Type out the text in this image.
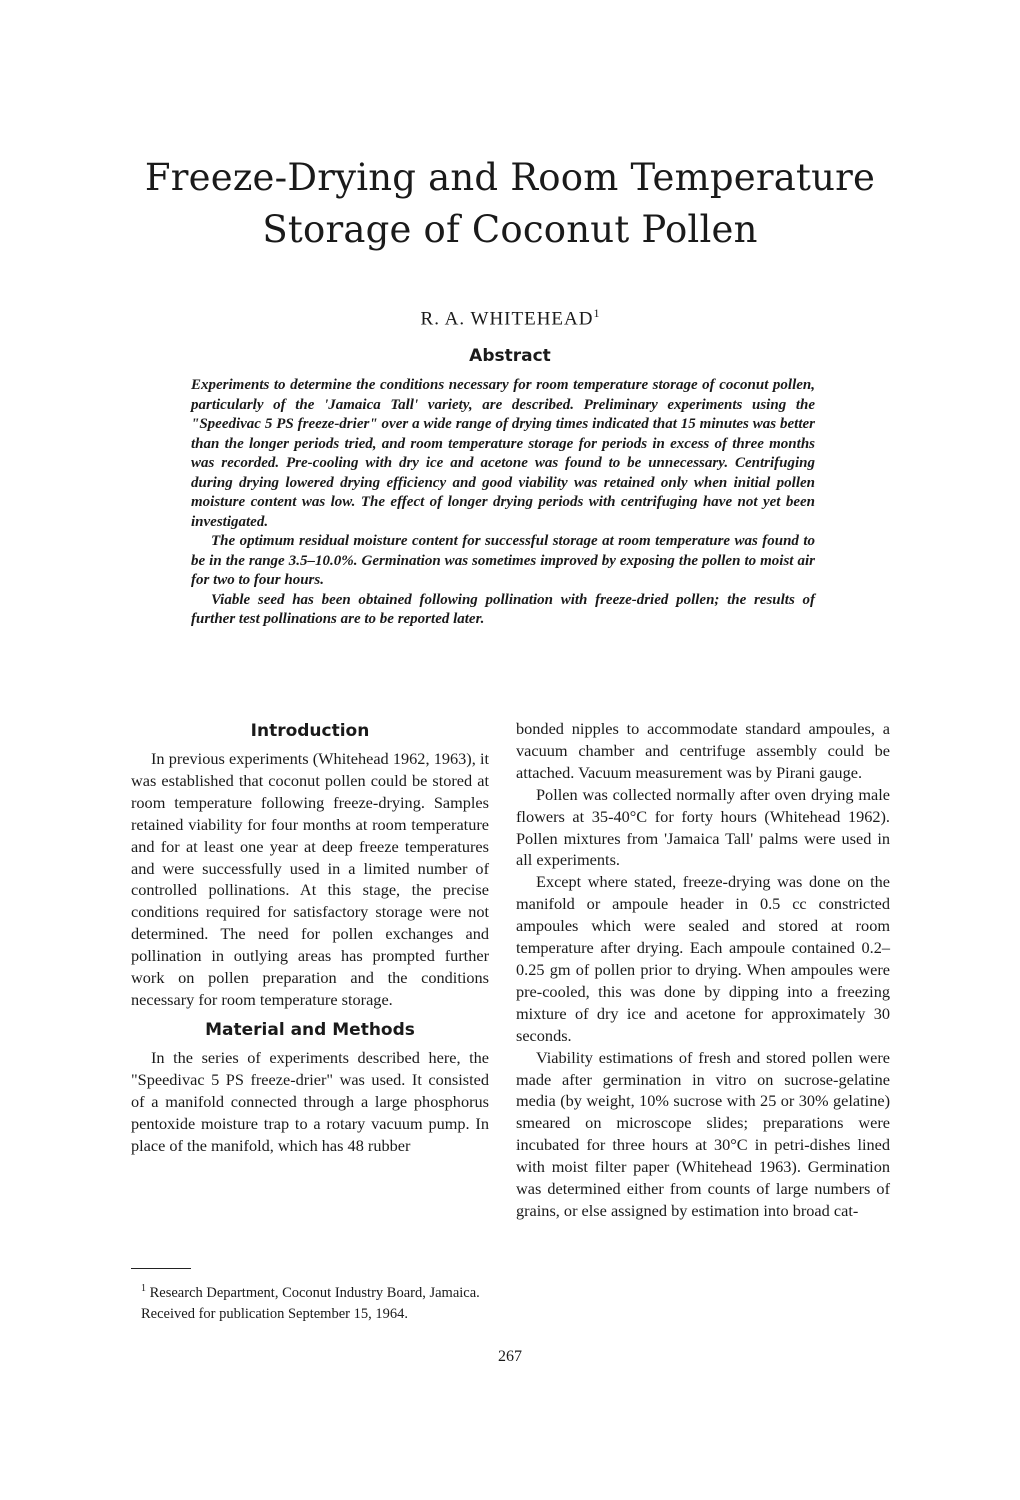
Freeze-Drying and Room Temperature
Storage of Coconut Pollen
R. A. WHITEHEAD$^1$
Abstract

Experiments to determine the conditions necessary for room temperature storage of coconut pollen, particularly of the 'Jamaica Tall' variety, are described. Preliminary experiments using the "Speedivac 5 PS freeze-drier" over a wide range of drying times indicated that 15 minutes was better than the longer periods tried, and room temperature storage for periods in excess of three months was recorded. Pre-cooling with dry ice and acetone was found to be unnecessary. Centrifuging during drying lowered drying efficiency and good viability was retained only when initial pollen moisture content was low. The effect of longer drying periods with centrifuging have not yet been investigated.

The optimum residual moisture content for successful storage at room temperature was found to be in the range 3.5–10.0%. Germination was sometimes improved by exposing the pollen to moist air for two to four hours.

Viable seed has been obtained following pollination with freeze-dried pollen; the results of further test pollinations are to be reported later.

Introduction

In previous experiments (Whitehead 1962, 1963), it was established that coconut pollen could be stored at room temperature following freeze-drying. Samples retained viability for four months at room temperature and for at least one year at deep freeze temperatures and were successfully used in a limited number of controlled pollinations. At this stage, the precise conditions required for satisfactory storage were not determined. The need for pollen exchanges and pollination in outlying areas has prompted further work on pollen preparation and the conditions necessary for room temperature storage.

Material and Methods

In the series of experiments described here, the "Speedivac 5 PS freeze-drier" was used. It consisted of a manifold connected through a large phosphorus pentoxide moisture trap to a rotary vacuum pump. In place of the manifold, which has 48 rubber

$^1$ Research Department, Coconut Industry Board, Jamaica.

Received for publication September 15, 1964.

bonded nipples to accommodate standard ampoules, a vacuum chamber and centrifuge assembly could be attached. Vacuum measurement was by Pirani gauge.

Pollen was collected normally after oven drying male flowers at 35-40°C for forty hours (Whitehead 1962). Pollen mixtures from 'Jamaica Tall' palms were used in all experiments.

Except where stated, freeze-drying was done on the manifold or ampoule header in 0.5 cc constricted ampoules which were sealed and stored at room temperature after drying. Each ampoule contained 0.2–0.25 gm of pollen prior to drying. When ampoules were pre-cooled, this was done by dipping into a freezing mixture of dry ice and acetone for approximately 30 seconds.

Viability estimations of fresh and stored pollen were made after germination in vitro on sucrose-gelatine media (by weight, 10% sucrose with 25 or 30% gelatine) smeared on microscope slides; preparations were incubated for three hours at 30°C in petri-dishes lined with moist filter paper (Whitehead 1963). Germination was determined either from counts of large numbers of grains, or else assigned by estimation into broad cat-

267
